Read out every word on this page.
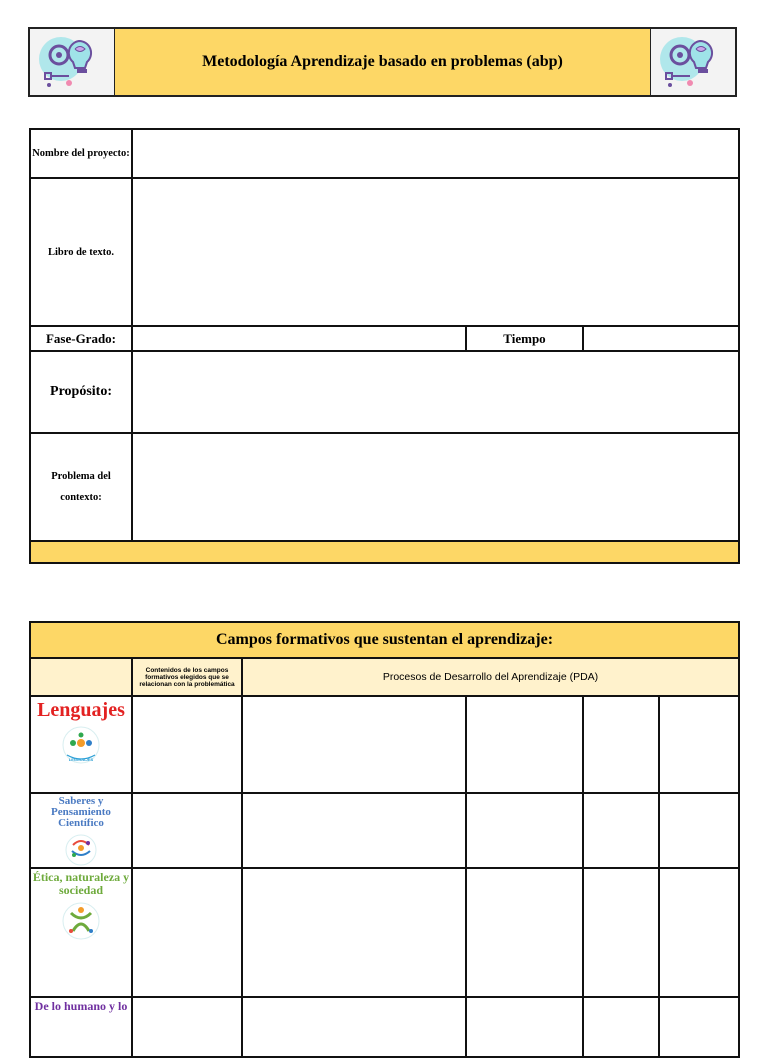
Metodología Aprendizaje basado en problemas (abp)
Nombre del proyecto:			
Libro de texto.			
Fase-Grado:		Tiempo	
Propósito:			
Problema del contexto:			

Campos formativos que sustentan el aprendizaje:					
	Contenidos de los campos formativos elegidos que se relacionan con la problemática	Procesos de Desarrollo del Aprendizaje (PDA)			

Lenguajes
LENGUAJES					

Saberes y Pensamiento Científico					

Ética, naturaleza y sociedad					

De lo humano y lo					
